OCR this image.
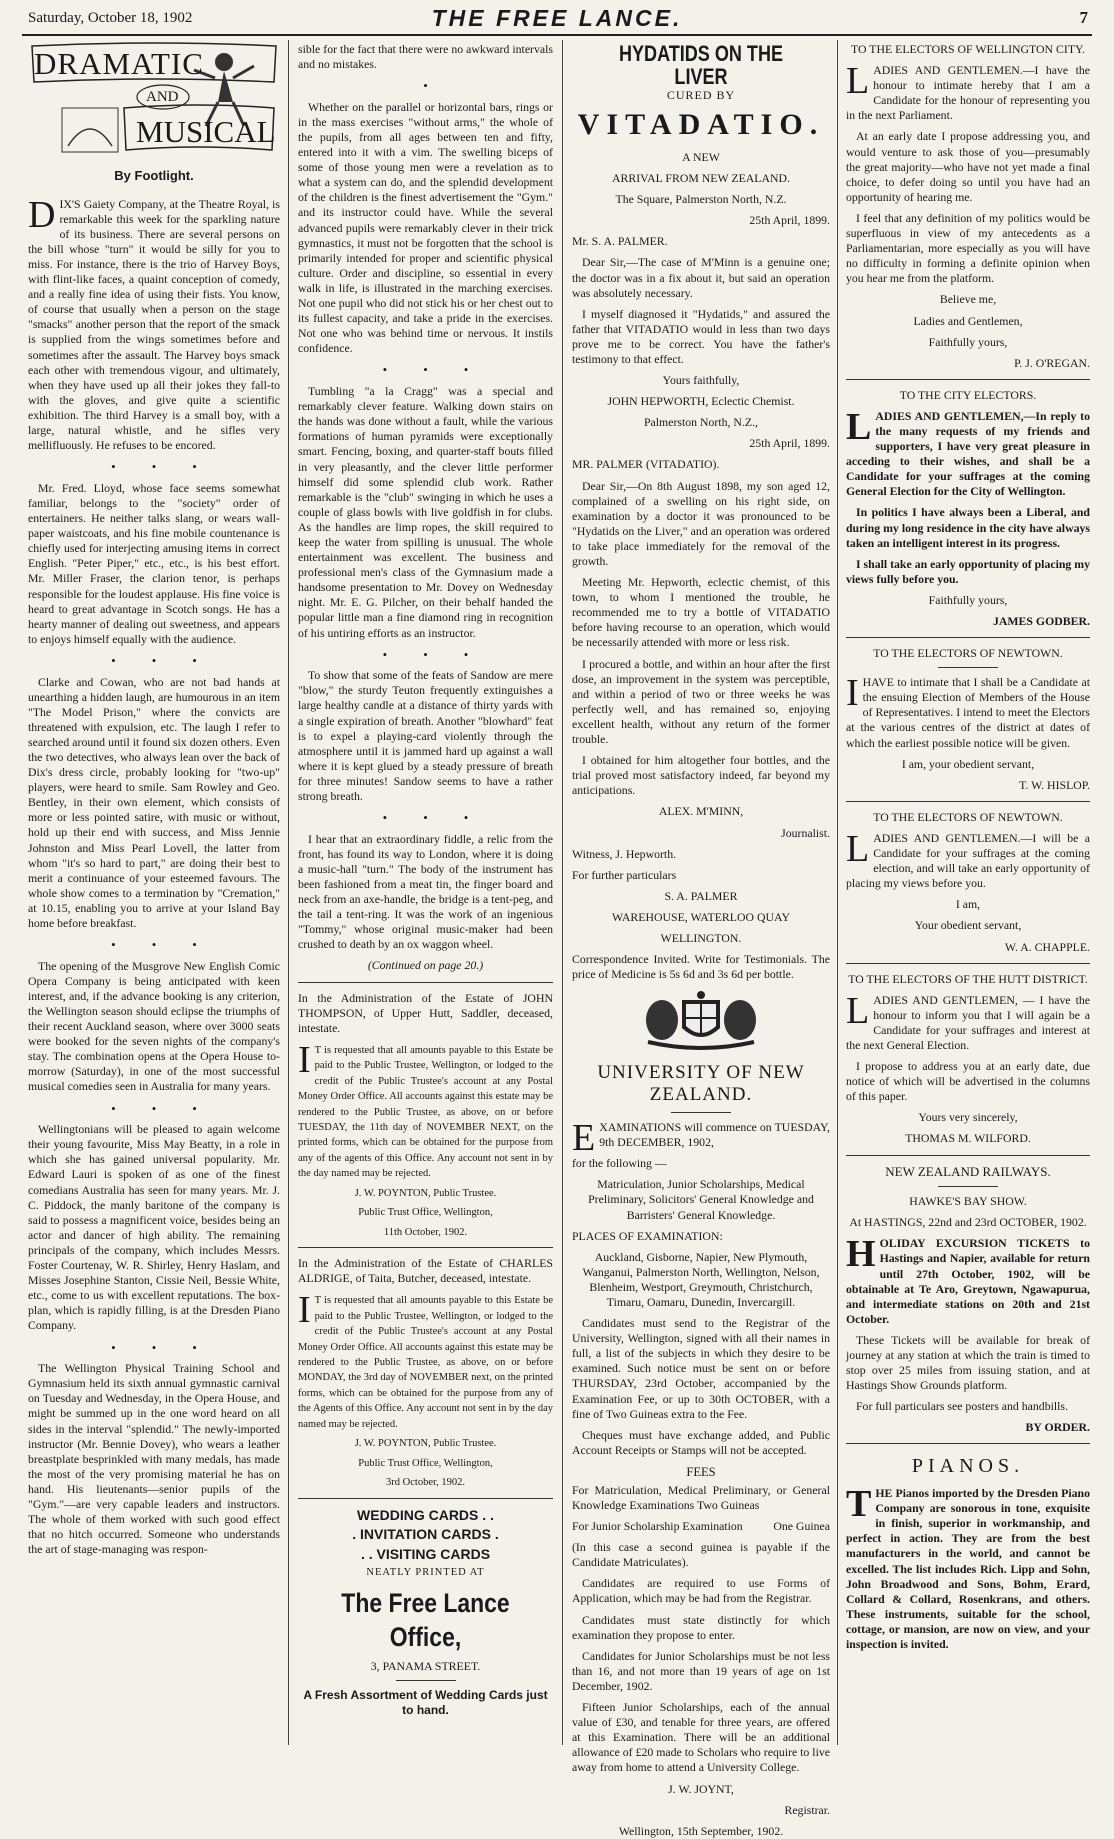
Saturday, October 18, 1902	THE FREE LANCE.	7
DRAMATIC
AND
MUSICAL
By Footlight.

DIX'S Gaiety Company, at the Theatre Royal, is remarkable this week for the sparkling nature of its business. There are several persons on the bill whose "turn" it would be silly for you to miss. For instance, there is the trio of Harvey Boys, with flint-like faces, a quaint conception of comedy, and a really fine idea of using their fists. You know, of course that usually when a person on the stage "smacks" another person that the report of the smack is supplied from the wings sometimes before and sometimes after the assault. The Harvey boys smack each other with tremendous vigour, and ultimately, when they have used up all their jokes they fall-to with the gloves, and give quite a scientific exhibition. The third Harvey is a small boy, with a large, natural whistle, and he sifles very mellifluously. He refuses to be encored.

•••

Mr. Fred. Lloyd, whose face seems somewhat familiar, belongs to the "society" order of entertainers. He neither talks slang, or wears wall-paper waistcoats, and his fine mobile countenance is chiefly used for interjecting amusing items in correct English. "Peter Piper," etc., etc., is his best effort. Mr. Miller Fraser, the clarion tenor, is perhaps responsible for the loudest applause. His fine voice is heard to great advantage in Scotch songs. He has a hearty manner of dealing out sweetness, and appears to enjoys himself equally with the audience.

•••

Clarke and Cowan, who are not bad hands at unearthing a hidden laugh, are humourous in an item "The Model Prison," where the convicts are threatened with expulsion, etc. The laugh I refer to searched around until it found six dozen others. Even the two detectives, who always lean over the back of Dix's dress circle, probably looking for "two-up" players, were heard to smile. Sam Rowley and Geo. Bentley, in their own element, which consists of more or less pointed satire, with music or without, hold up their end with success, and Miss Jennie Johnston and Miss Pearl Lovell, the latter from whom "it's so hard to part," are doing their best to merit a continuance of your esteemed favours. The whole show comes to a termination by "Cremation," at 10.15, enabling you to arrive at your Island Bay home before breakfast.

•••

The opening of the Musgrove New English Comic Opera Company is being anticipated with keen interest, and, if the advance booking is any criterion, the Wellington season should eclipse the triumphs of their recent Auckland season, where over 3000 seats were booked for the seven nights of the company's stay. The combination opens at the Opera House to-morrow (Saturday), in one of the most successful musical comedies seen in Australia for many years.

•••

Wellingtonians will be pleased to again welcome their young favourite, Miss May Beatty, in a role in which she has gained universal popularity. Mr. Edward Lauri is spoken of as one of the finest comedians Australia has seen for many years. Mr. J. C. Piddock, the manly baritone of the company is said to possess a magnificent voice, besides being an actor and dancer of high ability. The remaining principals of the company, which includes Messrs. Foster Courtenay, W. R. Shirley, Henry Haslam, and Misses Josephine Stanton, Cissie Neil, Bessie White, etc., come to us with excellent reputations. The box-plan, which is rapidly filling, is at the Dresden Piano Company.

•••

The Wellington Physical Training School and Gymnasium held its sixth annual gymnastic carnival on Tuesday and Wednesday, in the Opera House, and might be summed up in the one word heard on all sides in the interval "splendid." The newly-imported instructor (Mr. Bennie Dovey), who wears a leather breastplate besprinkled with many medals, has made the most of the very promising material he has on hand. His lieutenants—senior pupils of the "Gym."—are very capable leaders and instructors. The whole of them worked with such good effect that no hitch occurred. Someone who understands the art of stage-managing was respon-

sible for the fact that there were no awkward intervals and no mistakes.

•

Whether on the parallel or horizontal bars, rings or in the mass exercises "without arms," the whole of the pupils, from all ages between ten and fifty, entered into it with a vim. The swelling biceps of some of those young men were a revelation as to what a system can do, and the splendid development of the children is the finest advertisement the "Gym." and its instructor could have. While the several advanced pupils were remarkably clever in their trick gymnastics, it must not be forgotten that the school is primarily intended for proper and scientific physical culture. Order and discipline, so essential in every walk in life, is illustrated in the marching exercises. Not one pupil who did not stick his or her chest out to its fullest capacity, and take a pride in the exercises. Not one who was behind time or nervous. It instils confidence.

•••

Tumbling "a la Cragg" was a special and remarkably clever feature. Walking down stairs on the hands was done without a fault, while the various formations of human pyramids were exceptionally smart. Fencing, boxing, and quarter-staff bouts filled in very pleasantly, and the clever little performer himself did some splendid club work. Rather remarkable is the "club" swinging in which he uses a couple of glass bowls with live goldfish in for clubs. As the handles are limp ropes, the skill required to keep the water from spilling is unusual. The whole entertainment was excellent. The business and professional men's class of the Gymnasium made a handsome presentation to Mr. Dovey on Wednesday night. Mr. E. G. Pilcher, on their behalf handed the popular little man a fine diamond ring in recognition of his untiring efforts as an instructor.

•••

To show that some of the feats of Sandow are mere "blow," the sturdy Teuton frequently extinguishes a large healthy candle at a distance of thirty yards with a single expiration of breath. Another "blowhard" feat is to expel a playing-card violently through the atmosphere until it is jammed hard up against a wall where it is kept glued by a steady pressure of breath for three minutes! Sandow seems to have a rather strong breath.

•••

I hear that an extraordinary fiddle, a relic from the front, has found its way to London, where it is doing a music-hall "turn." The body of the instrument has been fashioned from a meat tin, the finger board and neck from an axe-handle, the bridge is a tent-peg, and the tail a tent-ring. It was the work of an ingenious "Tommy," whose original music-maker had been crushed to death by an ox waggon wheel.

(Continued on page 20.)

In the Administration of the Estate of JOHN THOMPSON, of Upper Hutt, Saddler, deceased, intestate.

I T is requested that all amounts payable to this Estate be paid to the Public Trustee, Wellington, or lodged to the credit of the Public Trustee's account at any Postal Money Order Office. All accounts against this estate may be rendered to the Public Trustee, as above, on or before TUESDAY, the 11th day of NOVEMBER NEXT, on the printed forms, which can be obtained for the purpose from any of the agents of this Office. Any account not sent in by the day named may be rejected.

J. W. POYNTON, Public Trustee.

Public Trust Office, Wellington,

11th October, 1902.

In the Administration of the Estate of CHARLES ALDRIGE, of Taita, Butcher, deceased, intestate.

I T is requested that all amounts payable to this Estate be paid to the Public Trustee, Wellington, or lodged to the credit of the Public Trustee's account at any Postal Money Order Office. All accounts against this estate may be rendered to the Public Trustee, as above, on or before MONDAY, the 3rd day of NOVEMBER next, on the printed forms, which can be obtained for the purpose from any of the Agents of this Office. Any account not sent in by the day named may be rejected.

J. W. POYNTON, Public Trustee.

Public Trust Office, Wellington,

3rd October, 1902.

WEDDING CARDS . .
. INVITATION CARDS .
. . VISITING CARDS

NEATLY PRINTED AT

The Free Lance Office,

3, PANAMA STREET.

A Fresh Assortment of Wedding Cards just to hand.
HYDATIDS ON THE LIVER
CURED BY
VITADATIO.

A NEW

ARRIVAL FROM NEW ZEALAND.

The Square, Palmerston North, N.Z.

25th April, 1899.

Mr. S. A. PALMER.

Dear Sir,—The case of M'Minn is a genuine one; the doctor was in a fix about it, but said an operation was absolutely necessary.

I myself diagnosed it "Hydatids," and assured the father that VITADATIO would in less than two days prove me to be correct. You have the father's testimony to that effect.

Yours faithfully,

JOHN HEPWORTH, Eclectic Chemist.

Palmerston North, N.Z.,

25th April, 1899.

MR. PALMER (VITADATIO).

Dear Sir,—On 8th August 1898, my son aged 12, complained of a swelling on his right side, on examination by a doctor it was pronounced to be "Hydatids on the Liver," and an operation was ordered to take place immediately for the removal of the growth.

Meeting Mr. Hepworth, eclectic chemist, of this town, to whom I mentioned the trouble, he recommended me to try a bottle of VITADATIO before having recourse to an operation, which would be necessarily attended with more or less risk.

I procured a bottle, and within an hour after the first dose, an improvement in the system was perceptible, and within a period of two or three weeks he was perfectly well, and has remained so, enjoying excellent health, without any return of the former trouble.

I obtained for him altogether four bottles, and the trial proved most satisfactory indeed, far beyond my anticipations.

ALEX. M'MINN,

Journalist.

Witness, J. Hepworth.

For further particulars

S. A. PALMER

WAREHOUSE, WATERLOO QUAY

WELLINGTON.

Correspondence Invited. Write for Testimonials. The price of Medicine is 5s 6d and 3s 6d per bottle.

UNIVERSITY OF NEW ZEALAND.

EXAMINATIONS will commence on TUESDAY, 9th DECEMBER, 1902,

for the following —

Matriculation, Junior Scholarships, Medical Preliminary, Solicitors' General Knowledge and Barristers' General Knowledge.

PLACES OF EXAMINATION:

Auckland, Gisborne, Napier, New Plymouth, Wanganui, Palmerston North, Wellington, Nelson, Blenheim, Westport, Greymouth, Christchurch, Timaru, Oamaru, Dunedin, Invercargill.

Candidates must send to the Registrar of the University, Wellington, signed with all their names in full, a list of the subjects in which they desire to be examined. Such notice must be sent on or before THURSDAY, 23rd October, accompanied by the Examination Fee, or up to 30th OCTOBER, with a fine of Two Guineas extra to the Fee.

Cheques must have exchange added, and Public Account Receipts or Stamps will not be accepted.

FEES

For Matriculation, Medical Preliminary, or General Knowledge Examinations Two Guineas

For Junior Scholarship Examination	One Guinea

(In this case a second guinea is payable if the Candidate Matriculates).

Candidates are required to use Forms of Application, which may be had from the Registrar.

Candidates must state distinctly for which examination they propose to enter.

Candidates for Junior Scholarships must be not less than 16, and not more than 19 years of age on 1st December, 1902.

Fifteen Junior Scholarships, each of the annual value of £30, and tenable for three years, are offered at this Examination. There will be an additional allowance of £20 made to Scholars who require to live away from home to attend a University College.

J. W. JOYNT,

Registrar.

Wellington, 15th September, 1902.

TO THE ELECTORS OF WELLINGTON CITY.

LADIES AND GENTLEMEN.—I have the honour to intimate hereby that I am a Candidate for the honour of representing you in the next Parliament.

At an early date I propose addressing you, and would venture to ask those of you—presumably the great majority—who have not yet made a final choice, to defer doing so until you have had an opportunity of hearing me.

I feel that any definition of my politics would be superfluous in view of my antecedents as a Parliamentarian, more especially as you will have no difficulty in forming a definite opinion when you hear me from the platform.

Believe me,

Ladies and Gentlemen,

Faithfully yours,

P. J. O'REGAN.

TO THE CITY ELECTORS.

LADIES AND GENTLEMEN,—In reply to the many requests of my friends and supporters, I have very great pleasure in acceding to their wishes, and shall be a Candidate for your suffrages at the coming General Election for the City of Wellington.

In politics I have always been a Liberal, and during my long residence in the city have always taken an intelligent interest in its progress.

I shall take an early opportunity of placing my views fully before you.

Faithfully yours,

JAMES GODBER.

TO THE ELECTORS OF NEWTOWN.

IHAVE to intimate that I shall be a Candidate at the ensuing Election of Members of the House of Representatives. I intend to meet the Electors at the various centres of the district at dates of which the earliest possible notice will be given.

I am, your obedient servant,

T. W. HISLOP.

TO THE ELECTORS OF NEWTOWN.

LADIES AND GENTLEMEN.—I will be a Candidate for your suffrages at the coming election, and will take an early opportunity of placing my views before you.

I am,

Your obedient servant,

W. A. CHAPPLE.

TO THE ELECTORS OF THE HUTT DISTRICT.

LADIES AND GENTLEMEN, — I have the honour to inform you that I will again be a Candidate for your suffrages and interest at the next General Election.

I propose to address you at an early date, due notice of which will be advertised in the columns of this paper.

Yours very sincerely,

THOMAS M. WILFORD.

NEW ZEALAND RAILWAYS.

HAWKE'S BAY SHOW.

At HASTINGS, 22nd and 23rd OCTOBER, 1902.

HOLIDAY EXCURSION TICKETS to Hastings and Napier, available for return until 27th October, 1902, will be obtainable at Te Aro, Greytown, Ngawapurua, and intermediate stations on 20th and 21st October.

These Tickets will be available for break of journey at any station at which the train is timed to stop over 25 miles from issuing station, and at Hastings Show Grounds platform.

For full particulars see posters and handbills.

BY ORDER.

PIANOS.

THE Pianos imported by the Dresden Piano Company are sonorous in tone, exquisite in finish, superior in workmanship, and perfect in action. They are from the best manufacturers in the world, and cannot be excelled. The list includes Rich. Lipp and Sohn, John Broadwood and Sons, Bohm, Erard, Collard & Collard, Rosenkrans, and others. These instruments, suitable for the school, cottage, or mansion, are now on view, and your inspection is invited.
